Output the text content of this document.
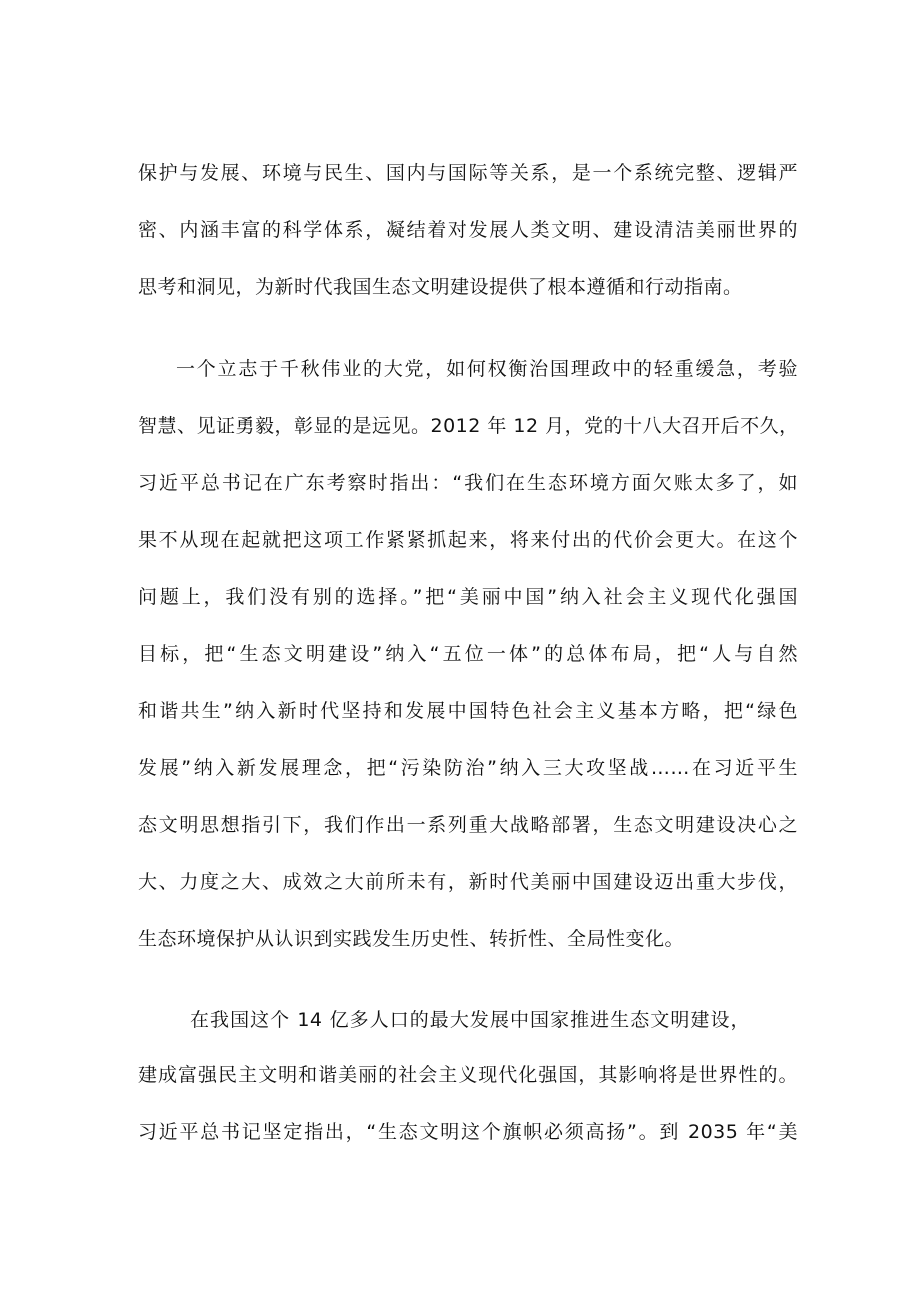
保护与发展、环境与民生、国内与国际等关系，是一个系统完整、逻辑严
密、内涵丰富的科学体系，凝结着对发展人类文明、建设清洁美丽世界的
思考和洞见，为新时代我国生态文明建设提供了根本遵循和行动指南。
一个立志于千秋伟业的大党，如何权衡治国理政中的轻重缓急，考验
智慧、见证勇毅，彰显的是远见。2012 年 12 月，党的十八大召开后不久，
习近平总书记在广东考察时指出：“我们在生态环境方面欠账太多了，如
果不从现在起就把这项工作紧紧抓起来，将来付出的代价会更大。在这个
问题上，我们没有别的选择。”把“美丽中国”纳入社会主义现代化强国
目标，把“生态文明建设”纳入“五位一体”的总体布局，把“人与自然
和谐共生”纳入新时代坚持和发展中国特色社会主义基本方略，把“绿色
发展”纳入新发展理念，把“污染防治”纳入三大攻坚战……在习近平生
态文明思想指引下，我们作出一系列重大战略部署，生态文明建设决心之
大、力度之大、成效之大前所未有，新时代美丽中国建设迈出重大步伐，
生态环境保护从认识到实践发生历史性、转折性、全局性变化。
在我国这个 14 亿多人口的最大发展中国家推进生态文明建设，
建成富强民主文明和谐美丽的社会主义现代化强国，其影响将是世界性的。
习近平总书记坚定指出，“生态文明这个旗帜必须高扬”。到 2035 年“美
